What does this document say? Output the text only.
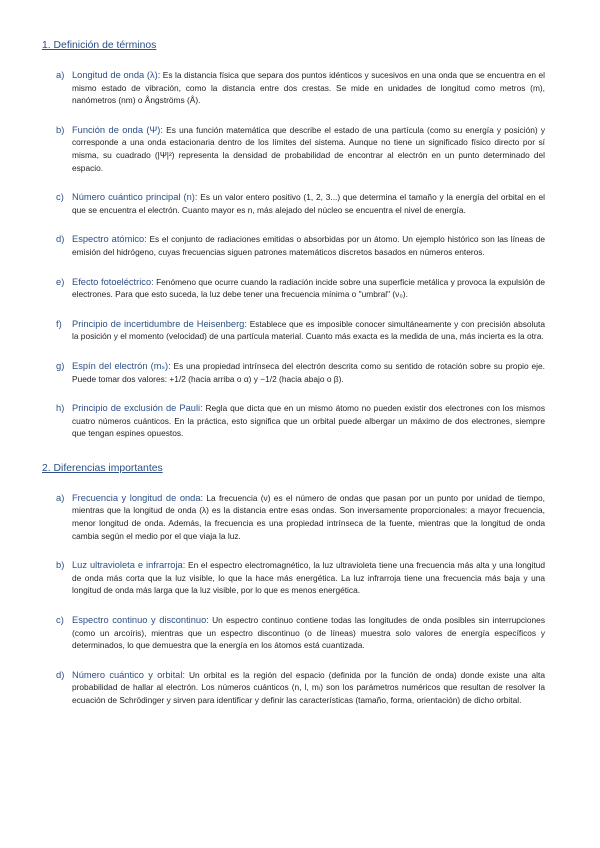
1. Definición de términos
a) Longitud de onda (λ): Es la distancia física que separa dos puntos idénticos y sucesivos en una onda que se encuentra en el mismo estado de vibración, como la distancia entre dos crestas. Se mide en unidades de longitud como metros (m), nanómetros (nm) o Ångströms (Å).

b) Función de onda (Ψ): Es una función matemática que describe el estado de una partícula (como su energía y posición) y corresponde a una onda estacionaria dentro de los límites del sistema. Aunque no tiene un significado físico directo por sí misma, su cuadrado (|Ψ|²) representa la densidad de probabilidad de encontrar al electrón en un punto determinado del espacio.

c) Número cuántico principal (n): Es un valor entero positivo (1, 2, 3...) que determina el tamaño y la energía del orbital en el que se encuentra el electrón. Cuanto mayor es n, más alejado del núcleo se encuentra el nivel de energía.

d) Espectro atómico: Es el conjunto de radiaciones emitidas o absorbidas por un átomo. Un ejemplo histórico son las líneas de emisión del hidrógeno, cuyas frecuencias siguen patrones matemáticos discretos basados en números enteros.

e) Efecto fotoeléctrico: Fenómeno que ocurre cuando la radiación incide sobre una superficie metálica y provoca la expulsión de electrones. Para que esto suceda, la luz debe tener una frecuencia mínima o "umbral" (ν₀).

f) Principio de incertidumbre de Heisenberg: Establece que es imposible conocer simultáneamente y con precisión absoluta la posición y el momento (velocidad) de una partícula material. Cuanto más exacta es la medida de una, más incierta es la otra.

g) Espín del electrón (mₛ): Es una propiedad intrínseca del electrón descrita como su sentido de rotación sobre su propio eje. Puede tomar dos valores: +1/2 (hacia arriba o α) y −1/2 (hacia abajo o β).

h) Principio de exclusión de Pauli: Regla que dicta que en un mismo átomo no pueden existir dos electrones con los mismos cuatro números cuánticos. En la práctica, esto significa que un orbital puede albergar un máximo de dos electrones, siempre que tengan espines opuestos.

2. Diferencias importantes
a) Frecuencia y longitud de onda: La frecuencia (ν) es el número de ondas que pasan por un punto por unidad de tiempo, mientras que la longitud de onda (λ) es la distancia entre esas ondas. Son inversamente proporcionales: a mayor frecuencia, menor longitud de onda. Además, la frecuencia es una propiedad intrínseca de la fuente, mientras que la longitud de onda cambia según el medio por el que viaja la luz.

b) Luz ultravioleta e infrarroja: En el espectro electromagnético, la luz ultravioleta tiene una frecuencia más alta y una longitud de onda más corta que la luz visible, lo que la hace más energética. La luz infrarroja tiene una frecuencia más baja y una longitud de onda más larga que la luz visible, por lo que es menos energética.

c) Espectro continuo y discontinuo: Un espectro continuo contiene todas las longitudes de onda posibles sin interrupciones (como un arcoíris), mientras que un espectro discontinuo (o de líneas) muestra solo valores de energía específicos y determinados, lo que demuestra que la energía en los átomos está cuantizada.

d) Número cuántico y orbital: Un orbital es la región del espacio (definida por la función de onda) donde existe una alta probabilidad de hallar al electrón. Los números cuánticos (n, l, mₗ) son los parámetros numéricos que resultan de resolver la ecuación de Schrödinger y sirven para identificar y definir las características (tamaño, forma, orientación) de dicho orbital.
